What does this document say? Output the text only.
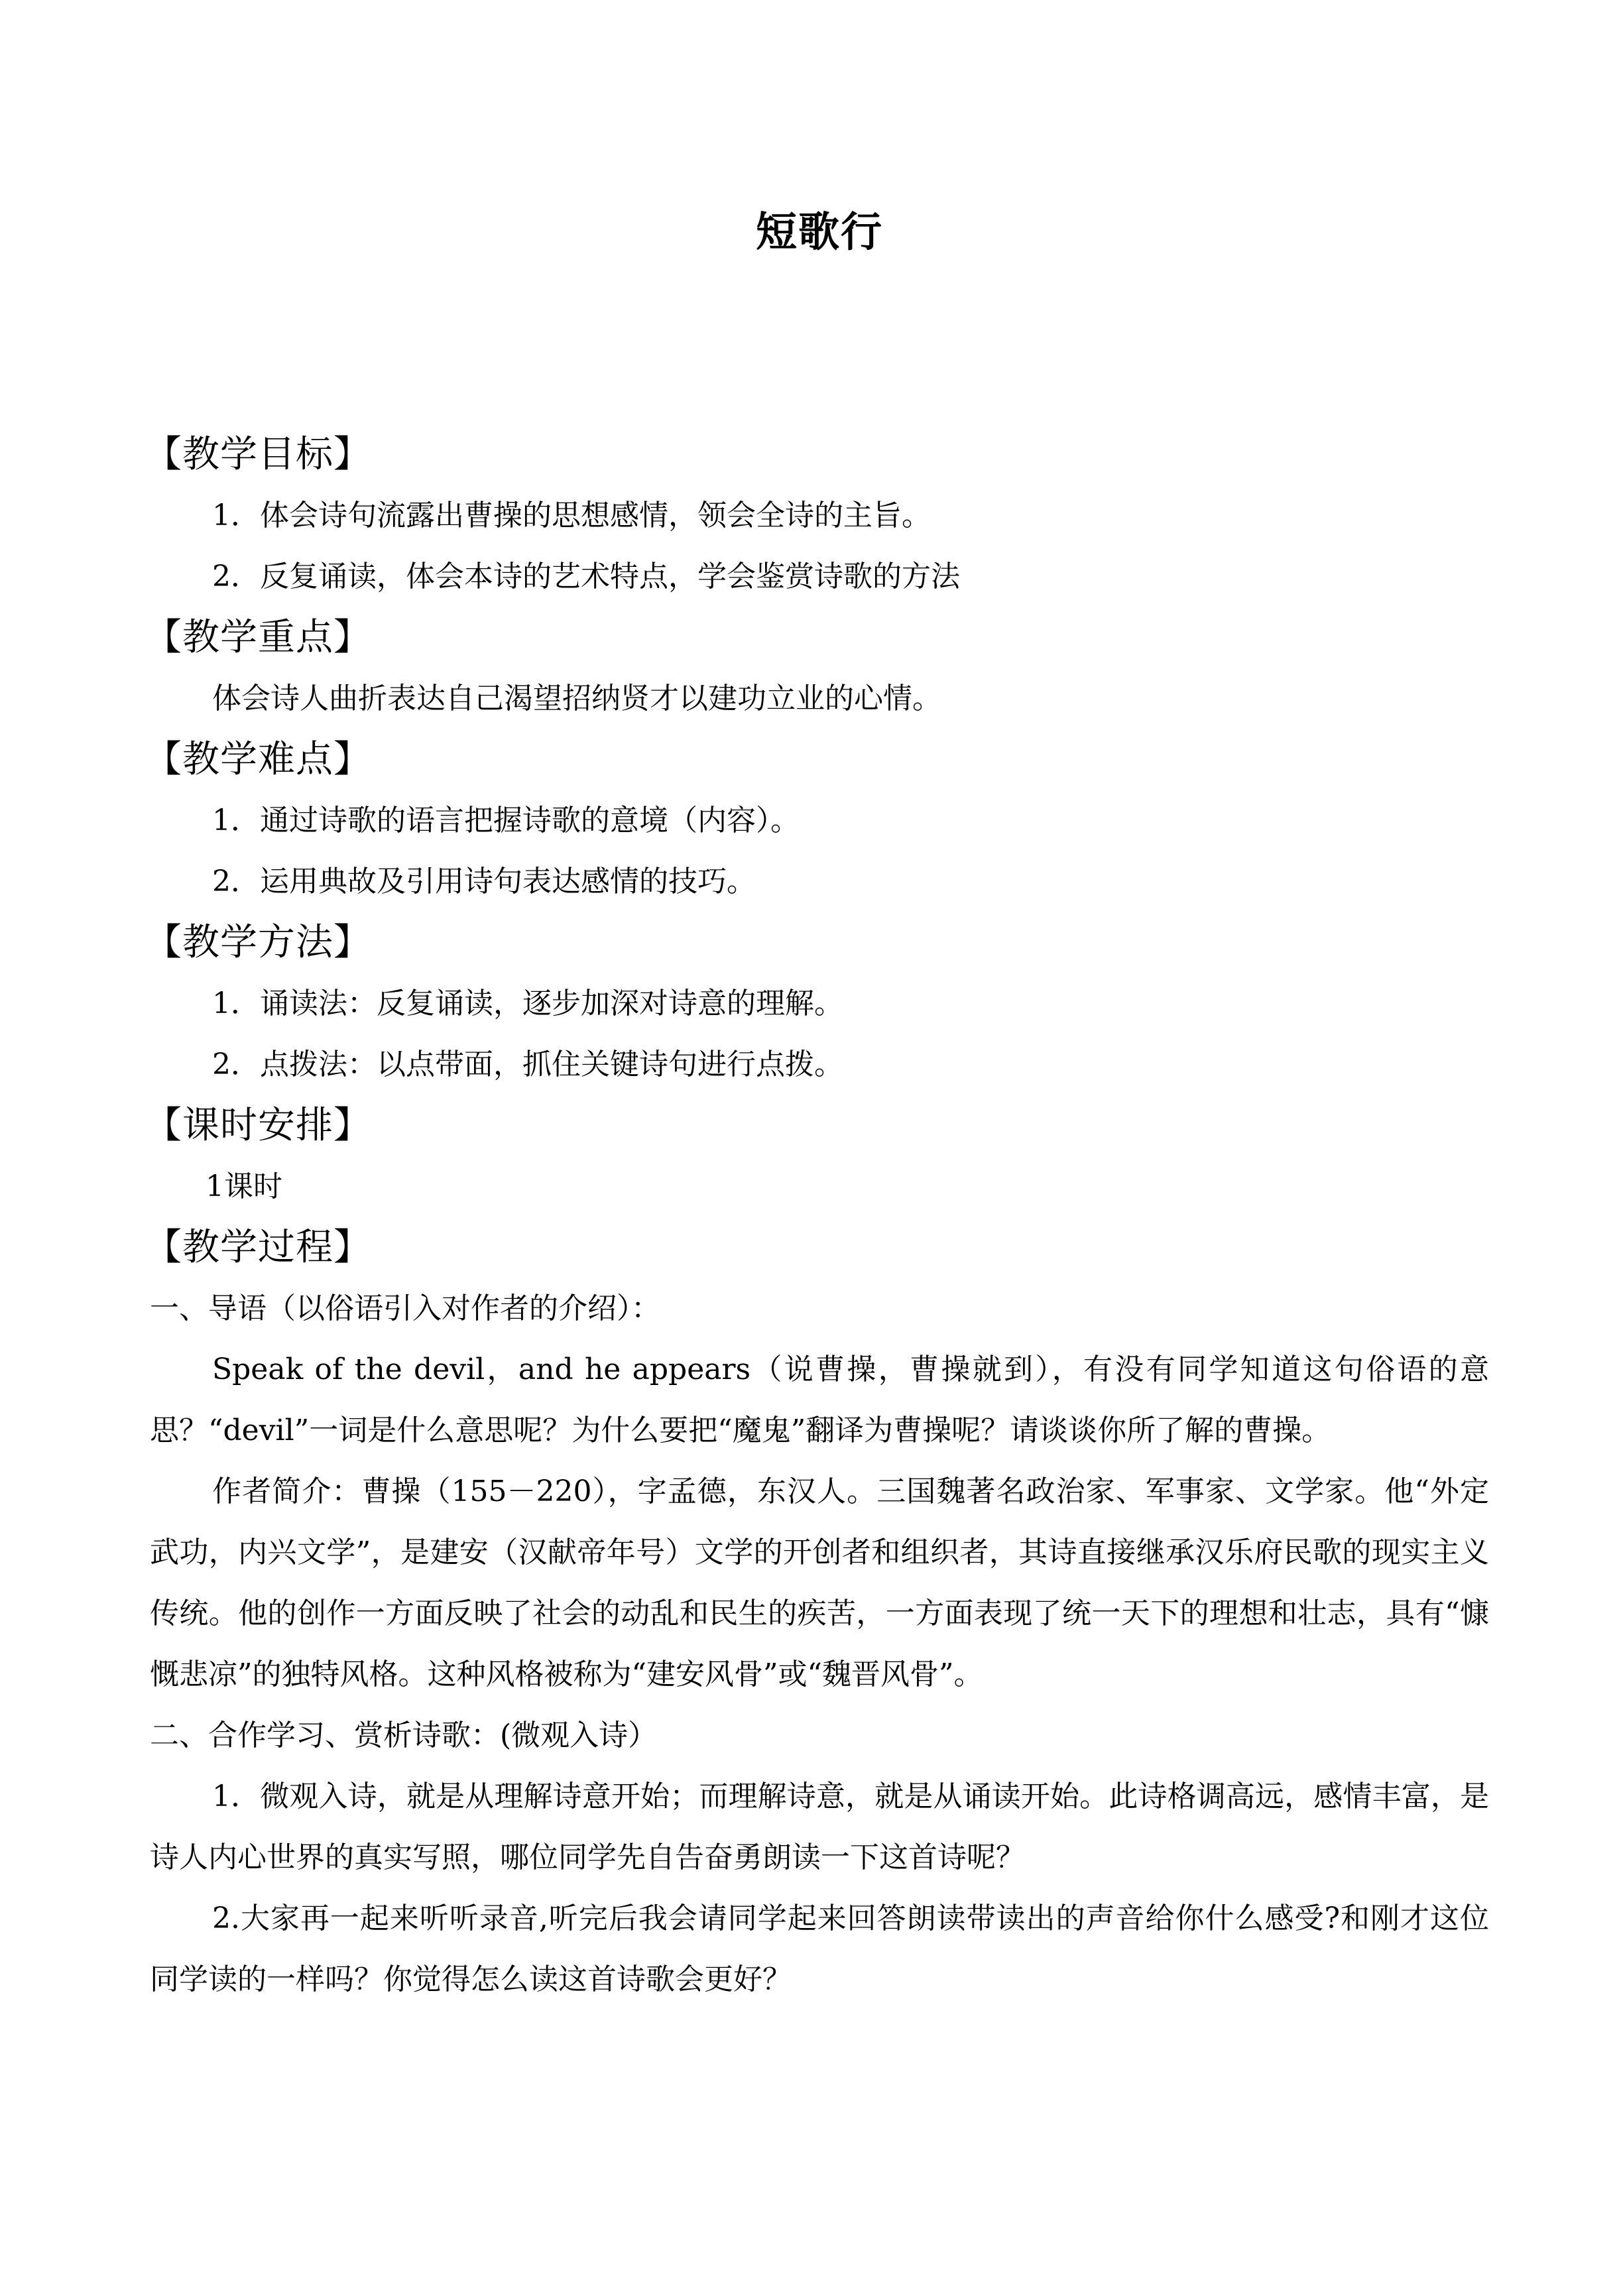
短歌行

【教学目标】

1．体会诗句流露出曹操的思想感情，领会全诗的主旨。

2．反复诵读，体会本诗的艺术特点，学会鉴赏诗歌的方法

【教学重点】

体会诗人曲折表达自己渴望招纳贤才以建功立业的心情。

【教学难点】

1．通过诗歌的语言把握诗歌的意境（内容）。

2．运用典故及引用诗句表达感情的技巧。

【教学方法】

1．诵读法：反复诵读，逐步加深对诗意的理解。

2．点拨法：以点带面，抓住关键诗句进行点拨。

【课时安排】

1课时

【教学过程】

一、导语（以俗语引入对作者的介绍）：

Speak of the devil，and he appears（说曹操，曹操就到），有没有同学知道这句俗语的意思？“devil”一词是什么意思呢？为什么要把“魔鬼”翻译为曹操呢？请谈谈你所了解的曹操。

作者简介：曹操（155－220），字孟德，东汉人。三国魏著名政治家、军事家、文学家。他“外定武功，内兴文学”，是建安（汉献帝年号）文学的开创者和组织者，其诗直接继承汉乐府民歌的现实主义传统。他的创作一方面反映了社会的动乱和民生的疾苦，一方面表现了统一天下的理想和壮志，具有“慷慨悲凉”的独特风格。这种风格被称为“建安风骨”或“魏晋风骨”。

二、合作学习、赏析诗歌：(微观入诗）

1．微观入诗，就是从理解诗意开始；而理解诗意，就是从诵读开始。此诗格调高远，感情丰富，是诗人内心世界的真实写照，哪位同学先自告奋勇朗读一下这首诗呢？

2.大家再一起来听听录音,听完后我会请同学起来回答朗读带读出的声音给你什么感受?和刚才这位同学读的一样吗？你觉得怎么读这首诗歌会更好？
